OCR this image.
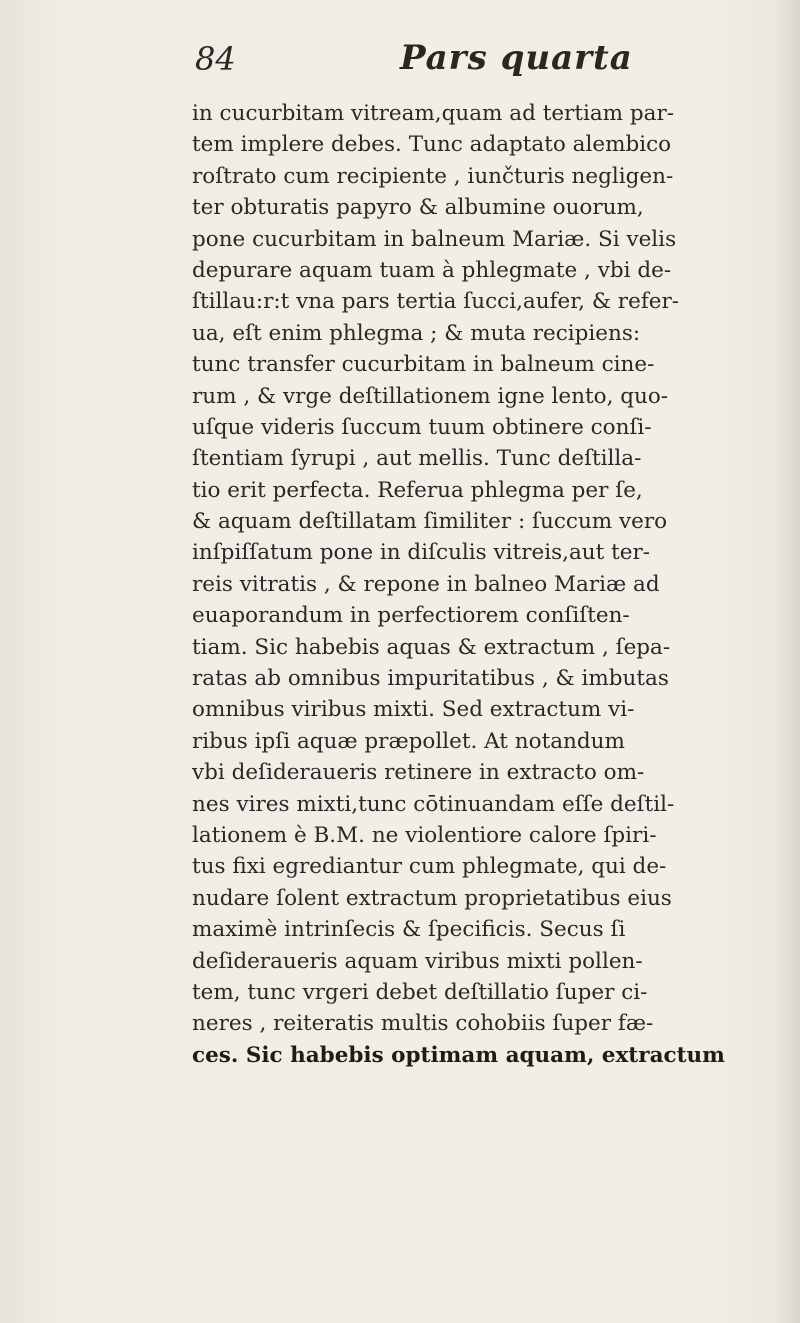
84	Pars quarta
in cucurbitam vitream,quam ad tertiam par-
tem implere debes. Tunc adaptato alembico
roſtrato cum recipiente , iunčturis negligen-
ter obturatis papyro & albumine ouorum,
pone cucurbitam in balneum Mariæ. Si velis
depurare aquam tuam à phlegmate , vbi de-
ſtillau:r:t vna pars tertia ſucci,aufer, & refer-
ua, eſt enim phlegma ; & muta recipiens:
tunc transfer cucurbitam in balneum cine-
rum , & vrge deſtillationem igne lento, quo-
uſque videris ſuccum tuum obtinere conſi-
ſtentiam ſyrupi , aut mellis. Tunc deſtilla-
tio erit perfecta. Referua phlegma per ſe,
& aquam deſtillatam ſimiliter : ſuccum vero
inſpiſſatum pone in diſculis vitreis,aut ter-
reis vitratis , & repone in balneo Mariæ ad
euaporandum in perfectiorem conſiſten-
tiam. Sic habebis aquas & extractum , ſepa-
ratas ab omnibus impuritatibus , & imbutas
omnibus viribus mixti. Sed extractum vi-
ribus ipſi aquæ præpollet. At notandum
vbi deſideraueris retinere in extracto om-
nes vires mixti,tunc cōtinuandam eſſe deſtil-
lationem è B.M. ne violentiore calore ſpiri-
tus fixi egrediantur cum phlegmate, qui de-
nudare ſolent extractum proprietatibus eius
maximè intrinſecis & ſpecificis. Secus ſi
deſideraueris aquam viribus mixti pollen-
tem, tunc vrgeri debet deſtillatio ſuper ci-
neres , reiteratis multis cohobiis ſuper fæ-
ces. Sic habebis optimam aquam, extractum
